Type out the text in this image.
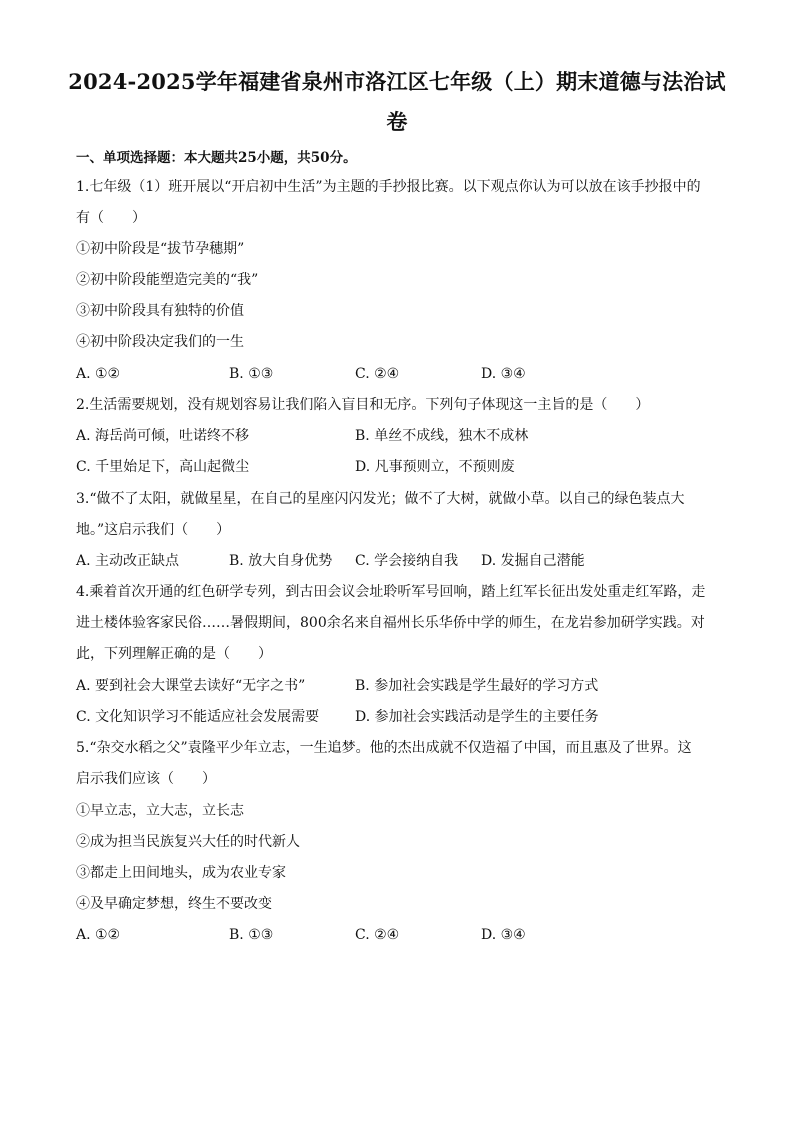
2024-2025学年福建省泉州市洛江区七年级（上）期末道德与法治试
卷
一、单项选择题：本大题共25小题，共50分。
1.七年级（1）班开展以“开启初中生活”为主题的手抄报比赛。以下观点你认为可以放在该手抄报中的
有（　　）
①初中阶段是“拔节孕穗期”
②初中阶段能塑造完美的“我”
③初中阶段具有独特的价值
④初中阶段决定我们的一生
A. ①②	B. ①③	C. ②④	D. ③④
2.生活需要规划，没有规划容易让我们陷入盲目和无序。下列句子体现这一主旨的是（　　）
A. 海岳尚可倾，吐诺终不移	B. 单丝不成线，独木不成林
C. 千里始足下，高山起微尘	D. 凡事预则立，不预则废
3.“做不了太阳，就做星星，在自己的星座闪闪发光；做不了大树，就做小草。以自己的绿色装点大
地。”这启示我们（　　）
A. 主动改正缺点	B. 放大自身优势 C. 学会接纳自我 D. 发掘自己潜能
4.乘着首次开通的红色研学专列，到古田会议会址聆听军号回响，踏上红军长征出发处重走红军路，走
进土楼体验客家民俗……暑假期间，800余名来自福州长乐华侨中学的师生，在龙岩参加研学实践。对
此，下列理解正确的是（　　）
A. 要到社会大课堂去读好“无字之书”	B. 参加社会实践是学生最好的学习方式
C. 文化知识学习不能适应社会发展需要	D. 参加社会实践活动是学生的主要任务
5.“杂交水稻之父”袁隆平少年立志，一生追梦。他的杰出成就不仅造福了中国，而且惠及了世界。这
启示我们应该（　　）
①早立志，立大志，立长志
②成为担当民族复兴大任的时代新人
③都走上田间地头，成为农业专家
④及早确定梦想，终生不要改变
A. ①②	B. ①③	C. ②④	D. ③④
